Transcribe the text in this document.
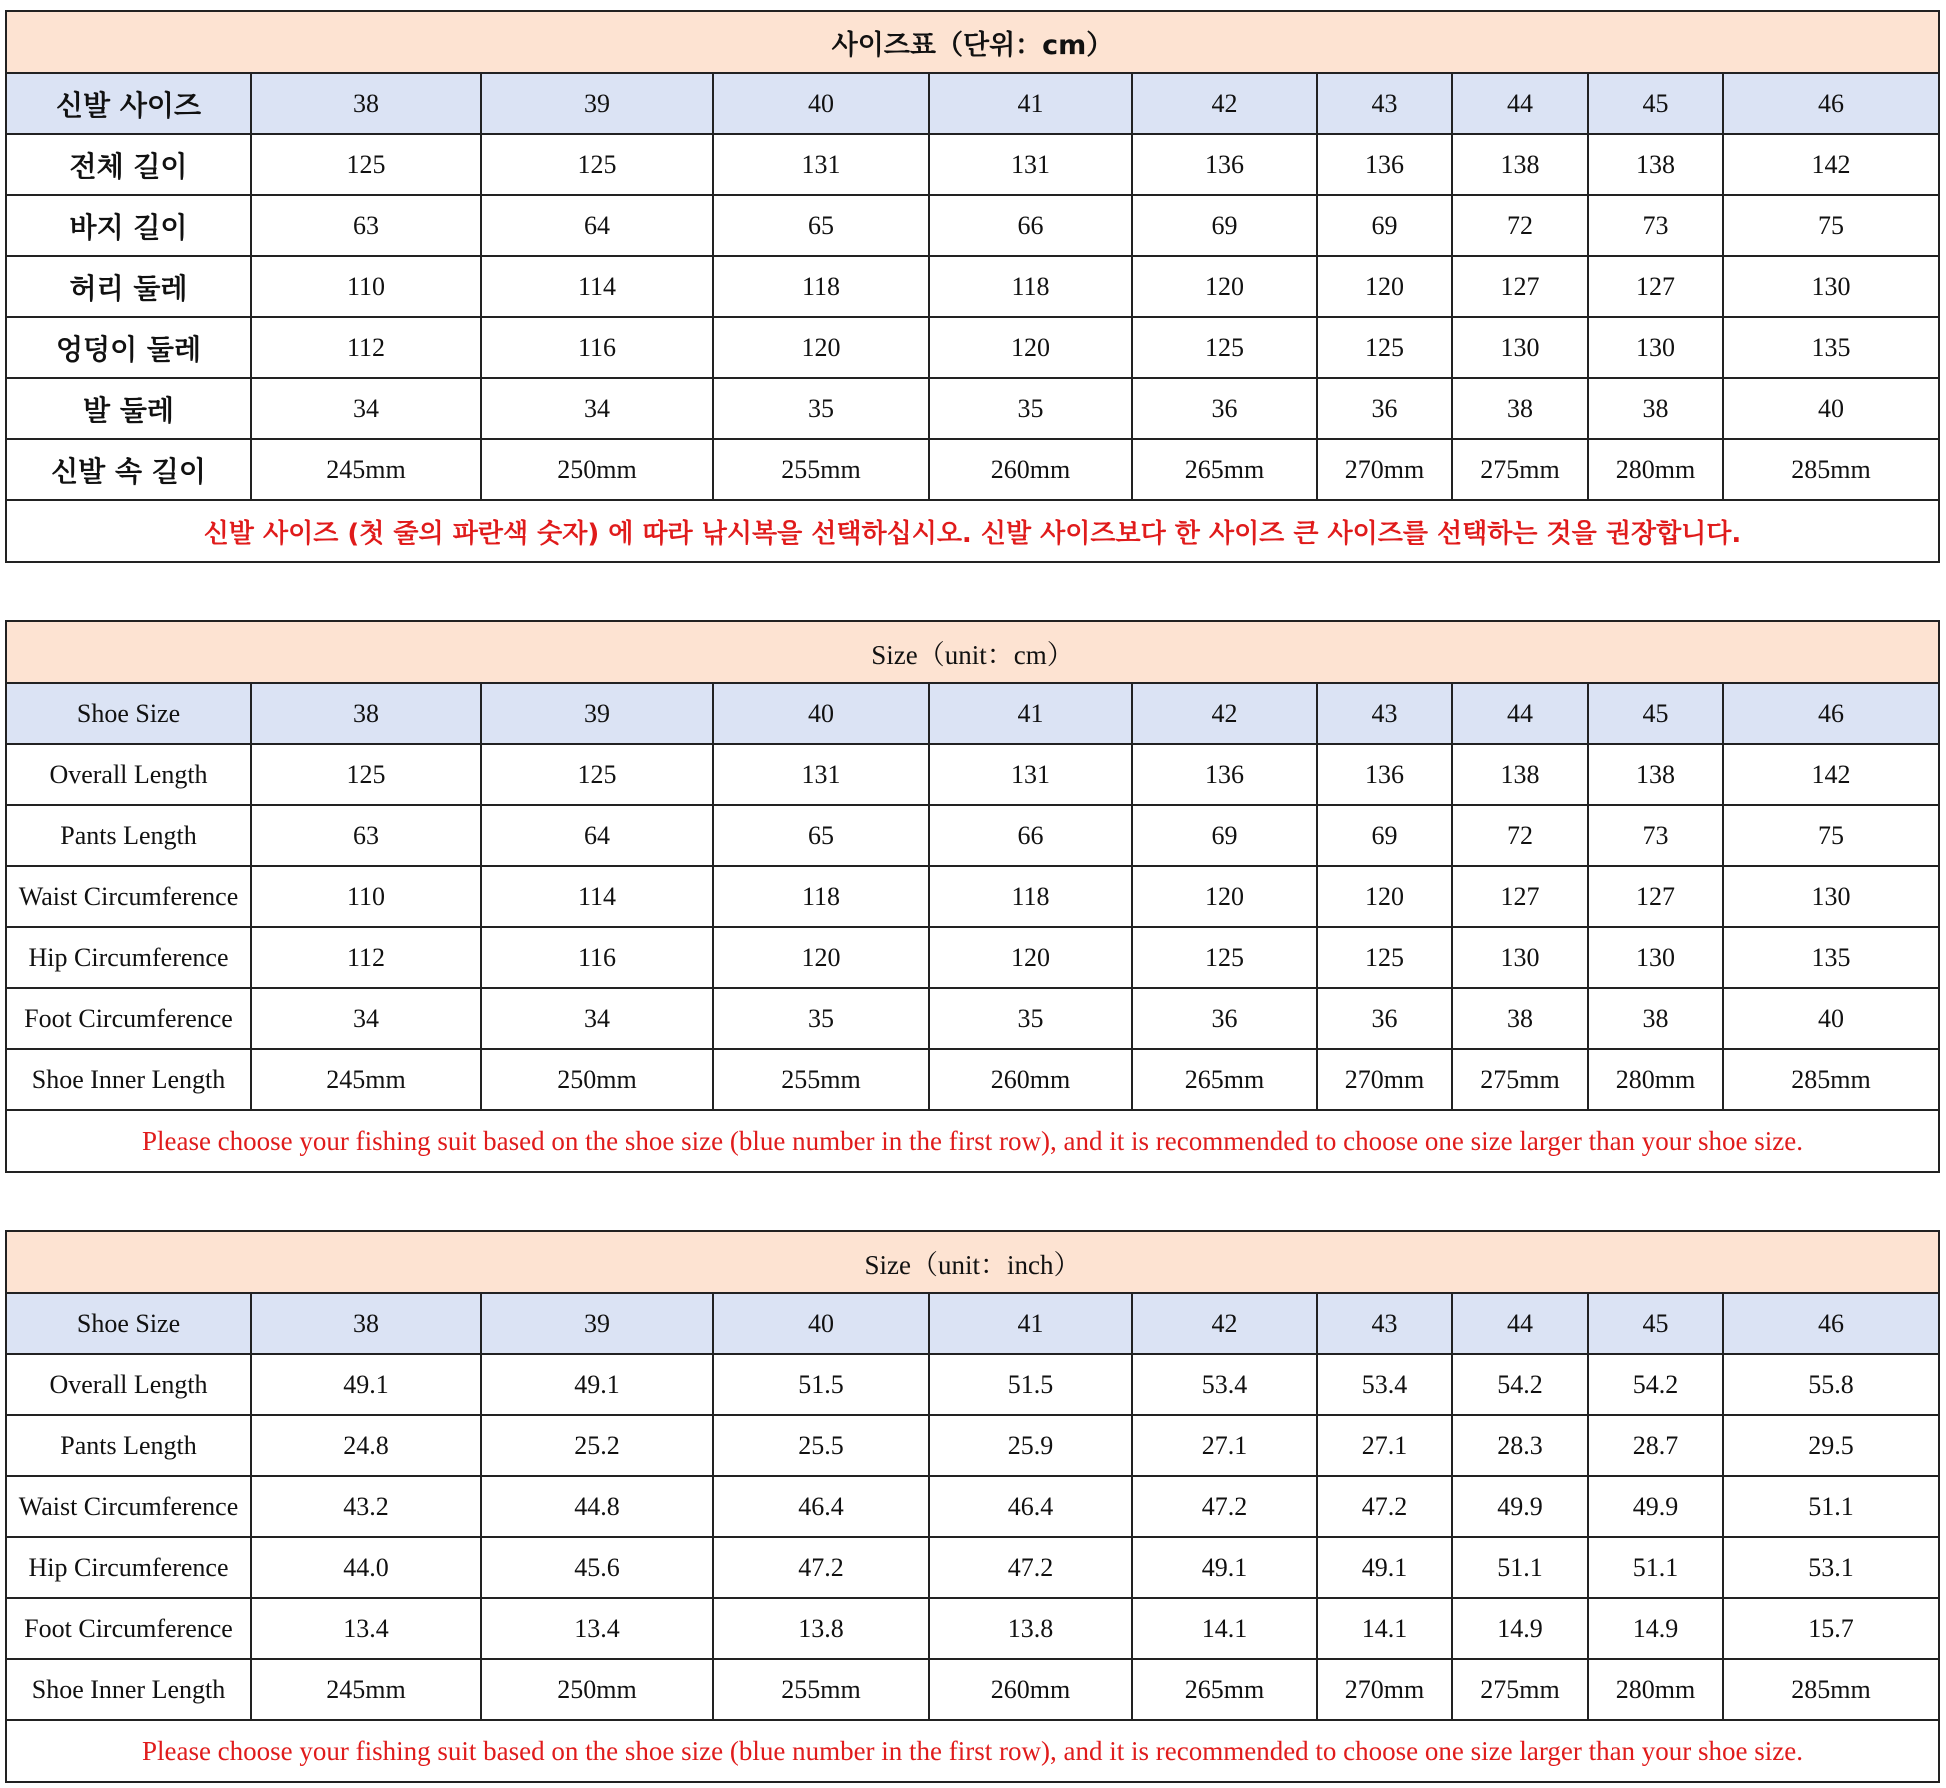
사이즈표（단위：cm）									
신발 사이즈	38	39	40	41	42	43	44	45	46
전체 길이	125	125	131	131	136	136	138	138	142
바지 길이	63	64	65	66	69	69	72	73	75
허리 둘레	110	114	118	118	120	120	127	127	130
엉덩이 둘레	112	116	120	120	125	125	130	130	135
발 둘레	34	34	35	35	36	36	38	38	40
신발 속 길이	245mm	250mm	255mm	260mm	265mm	270mm	275mm	280mm	285mm
신발 사이즈 (첫 줄의 파란색 숫자) 에 따라 낚시복을 선택하십시오. 신발 사이즈보다 한 사이즈 큰 사이즈를 선택하는 것을 권장합니다.									
Size（unit：cm）									
Shoe Size	38	39	40	41	42	43	44	45	46
Overall Length	125	125	131	131	136	136	138	138	142
Pants Length	63	64	65	66	69	69	72	73	75
Waist Circumference	110	114	118	118	120	120	127	127	130
Hip Circumference	112	116	120	120	125	125	130	130	135
Foot Circumference	34	34	35	35	36	36	38	38	40
Shoe Inner Length	245mm	250mm	255mm	260mm	265mm	270mm	275mm	280mm	285mm
Please choose your fishing suit based on the shoe size (blue number in the first row), and it is recommended to choose one size larger than your shoe size.									
Size（unit：inch）									
Shoe Size	38	39	40	41	42	43	44	45	46
Overall Length	49.1	49.1	51.5	51.5	53.4	53.4	54.2	54.2	55.8
Pants Length	24.8	25.2	25.5	25.9	27.1	27.1	28.3	28.7	29.5
Waist Circumference	43.2	44.8	46.4	46.4	47.2	47.2	49.9	49.9	51.1
Hip Circumference	44.0	45.6	47.2	47.2	49.1	49.1	51.1	51.1	53.1
Foot Circumference	13.4	13.4	13.8	13.8	14.1	14.1	14.9	14.9	15.7
Shoe Inner Length	245mm	250mm	255mm	260mm	265mm	270mm	275mm	280mm	285mm
Please choose your fishing suit based on the shoe size (blue number in the first row), and it is recommended to choose one size larger than your shoe size.									
